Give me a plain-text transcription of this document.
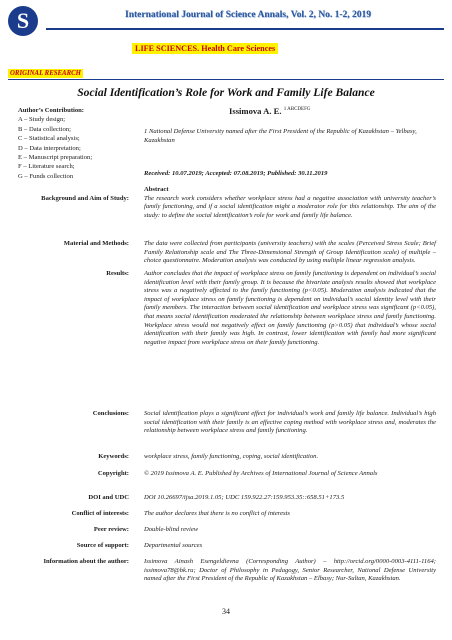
S	International Journal of Science Annals, Vol. 2, No. 1-2, 2019
LIFE SCIENCES. Health Care Sciences
ORIGINAL RESEARCH
Social Identification’s Role for Work and Family Life Balance
Author’s Contribution:
A – Study design;
B – Data collection;
C – Statistical analysis;
D – Data interpretation;
E – Manuscript preparation;
F – Literature search;
G – Funds collection
Issimova A. E. $^{1 ABCDEFG}$
1 National Defense University named after the First President of the Republic of Kazakhstan – Yelbasy, Kazakhstan
Received: 10.07.2019; Accepted: 07.08.2019; Published: 30.11.2019
Background and Aim of Study:
Abstract
The research work considers whether workplace stress had a negative association with university teacher’s family functioning, and if a social identification might a moderator role for this relationship. The aim of the study: to define the social identification’s role for work and family life balance.
Material and Methods: The data were collected from participants (university teachers) with the scales (Perceived Stress Scale; Brief Family Relationship scale and The Three-Dimensional Strength of Group Identification scale) of multiple – choice questionnaire. Moderation analysis was conducted by using multiple linear regression analysis.
Results: Author concludes that the impact of workplace stress on family functioning is dependent on individual’s social identification level with their family group. It is because the bivariate analysis results showed that workplace stress was a negatively affected to the family functioning (p<0.05). Moderation analysis indicated that the impact of workplace stress on family functioning is dependent on individual’s social identity level with their family members. The interaction between social identification and workplace stress was significant (p<0.05), that means social identification moderated the relationship between workplace stress and family functioning. Workplace stress would not negatively effect on family functioning (p>0.05) that individual’s whose social identification with their family was high. In contrast, lower identification with family had more significant negative impact from workplace stress on their family functioning.
Conclusions: Social identification plays a significant effect for individual’s work and family life balance. Individual’s high social identification with their family is an effective coping method with workplace stress and, moderates the relationship between workplace stress and family functioning.
Keywords: workplace stress, family functioning, coping, social identification.
Copyright: © 2019 Issimova A. E. Published by Archives of International Journal of Science Annals
DOI and UDC DOI 10.26697/ijsa.2019.1.05; UDC 159.922.27:159.953.35::658.51+173.5
Conflict of interests: The author declares that there is no conflict of interests
Peer review: Double-blind review
Source of support: Departmental sources
Information about the author: Issimova Ainash Esengeldievna (Corresponding Author) – http://orcid.org/0000-0003-4111-1164; issimova78@bk.ru; Doctor of Philosophy in Pedagogy, Senior Researcher, National Defense University named after the First President of the Republic of Kazakhstan – Elbasy; Nur-Sultan, Kazakhstan.
34
